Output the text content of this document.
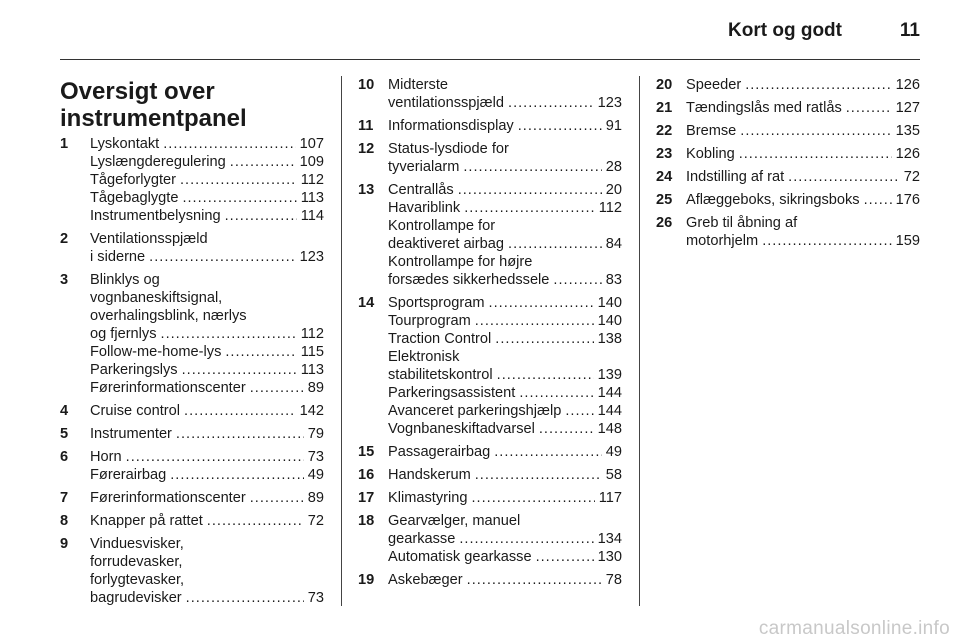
Kort og godt	11
Oversigt over
instrumentpanel
1	Lyskontakt .....	107
Lyslængderegulering .....	109
Tågeforlygter .....	112
Tågebaglygte .....	113
Instrumentbelysning .....	114
2	Ventilationsspjæld
i siderne .....	123
3	Blinklys og
vognbaneskiftsignal,
overhalingsblink, nærlys
og fjernlys .....	112
Follow-me-home-lys .....	115
Parkeringslys .....	113
Førerinformationscenter .....	89
4	Cruise control .....	142
5	Instrumenter .....	79
6	Horn .....	73
Førerairbag .....	49
7	Førerinformationscenter .....	89
8	Knapper på rattet .....	72
9	Vinduesvisker,
forrudevasker,
forlygtevasker,
bagrudevisker .....	73
10 Midterste
ventilationsspjæld .....	123
11 Informationsdisplay .....	91
12 Status-lysdiode for
tyverialarm .....	28
13 Centrallås .....	20
Havariblink .....	112
Kontrollampe for
deaktiveret airbag .....	84
Kontrollampe for højre
forsædes sikkerhedssele .....	83
14 Sportsprogram .....	140
Tourprogram .....	140
Traction Control .....	138
Elektronisk
stabilitetskontrol .....	139
Parkeringsassistent .....	144
Avanceret parkeringshjælp ..... 144
Vognbaneskiftadvarsel .....	148
15 Passagerairbag .....	49
16 Handskerum .....	58
17 Klimastyring .....	117
18 Gearvælger, manuel
gearkasse .....	134
Automatisk gearkasse .....	130
19 Askebæger .....	78
20 Speeder .....	126
21 Tændingslås med ratlås .....	127
22 Bremse .....	135
23 Kobling .....	126
24 Indstilling af rat .....	72
25 Aflæggeboks, sikringsboks ..... 176
26 Greb til åbning af
motorhjelm .....	159
carmanualsonline.info
